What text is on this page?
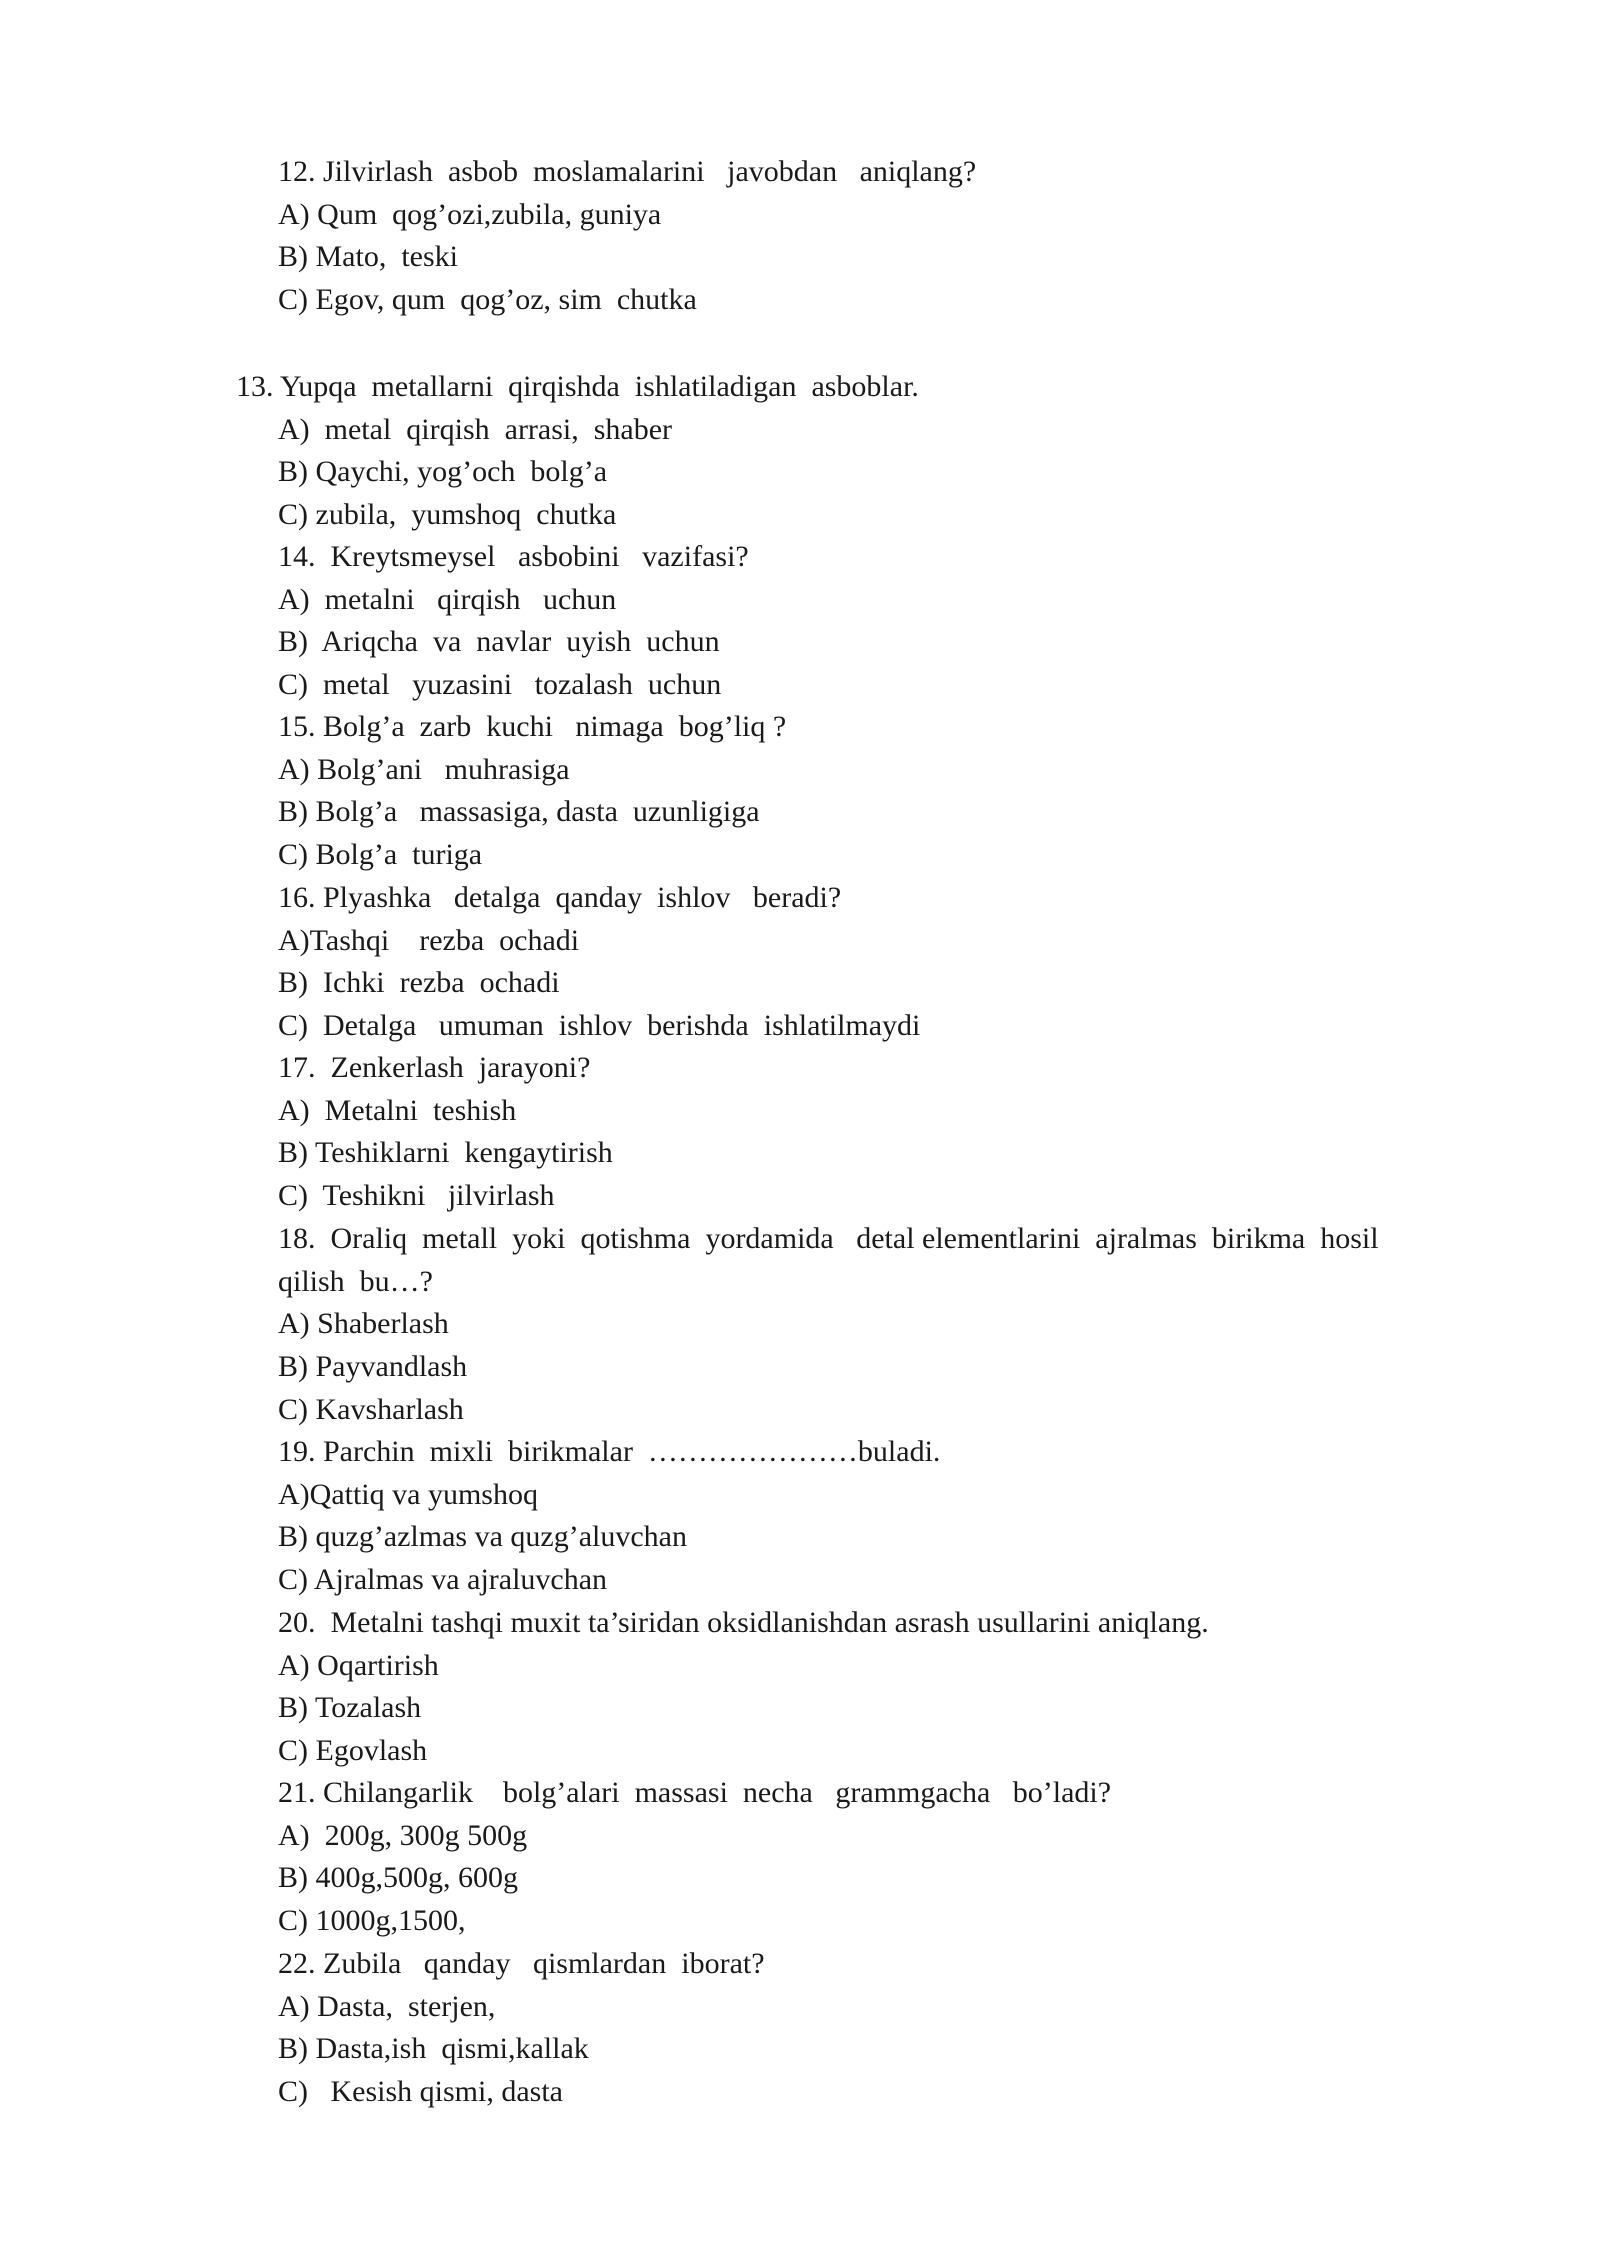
12. Jilvirlash  asbob  moslamalarini   javobdan   aniqlang?
A) Qum  qog’ozi,zubila, guniya
B) Mato,  teski
C) Egov, qum  qog’oz, sim  chutka
13. Yupqa  metallarni  qirqishda  ishlatiladigan  asboblar.
A)  metal  qirqish  arrasi,  shaber
B) Qaychi, yog’och  bolg’a
C) zubila,  yumshoq  chutka
14.  Kreytsmeysel   asbobini   vazifasi?
A)  metalni   qirqish   uchun
B)  Ariqcha  va  navlar  uyish  uchun
C)  metal   yuzasini   tozalash  uchun
15. Bolg’a  zarb  kuchi   nimaga  bog’liq ?
A) Bolg’ani   muhrasiga
B) Bolg’a   massasiga, dasta  uzunligiga
C) Bolg’a  turiga
16. Plyashka   detalga  qanday  ishlov   beradi?
A)Tashqi    rezba  ochadi
B)  Ichki  rezba  ochadi
C)  Detalga   umuman  ishlov  berishda  ishlatilmaydi
17.  Zenkerlash  jarayoni?
A)  Metalni  teshish
B) Teshiklarni  kengaytirish
C)  Teshikni   jilvirlash
18.  Oraliq  metall  yoki  qotishma  yordamida   detal elementlarini  ajralmas  birikma  hosil
qilish  bu…?
A) Shaberlash
B) Payvandlash
C) Kavsharlash
19. Parchin  mixli  birikmalar  …………………buladi.
A)Qattiq va yumshoq
B) quzg’azlmas va quzg’aluvchan
C) Ajralmas va ajraluvchan
20.  Metalni tashqi muxit ta’siridan oksidlanishdan asrash usullarini aniqlang.
A) Oqartirish
B) Tozalash
C) Egovlash
21. Chilangarlik    bolg’alari  massasi  necha   grammgacha   bo’ladi?
A)  200g, 300g 500g
B) 400g,500g, 600g
C) 1000g,1500,
22. Zubila   qanday   qismlardan  iborat?
A) Dasta,  sterjen,
B) Dasta,ish  qismi,kallak
C)   Kesish qismi, dasta
